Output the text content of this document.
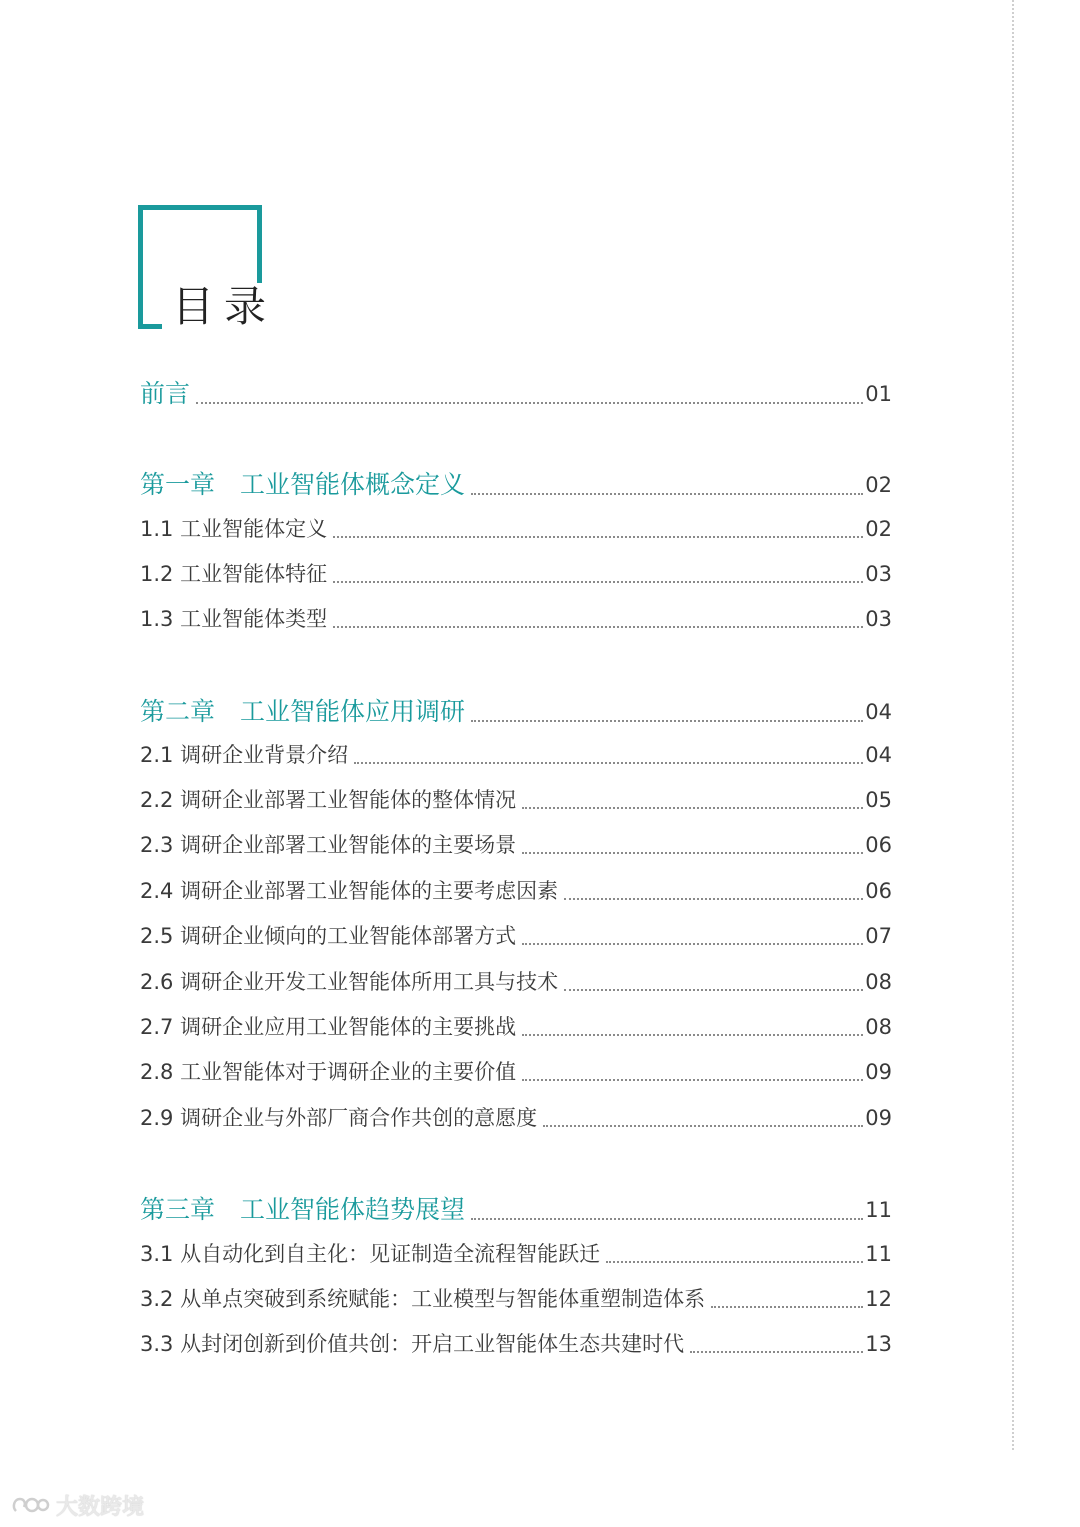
目录
前言	01
第一章　工业智能体概念定义	02
1.1 工业智能体定义	02
1.2 工业智能体特征	03
1.3 工业智能体类型	03
第二章　工业智能体应用调研	04
2.1 调研企业背景介绍	04
2.2 调研企业部署工业智能体的整体情况	05
2.3 调研企业部署工业智能体的主要场景	06
2.4 调研企业部署工业智能体的主要考虑因素	06
2.5 调研企业倾向的工业智能体部署方式	07
2.6 调研企业开发工业智能体所用工具与技术	08
2.7 调研企业应用工业智能体的主要挑战	08
2.8 工业智能体对于调研企业的主要价值	09
2.9 调研企业与外部厂商合作共创的意愿度	09
第三章　工业智能体趋势展望	11
3.1 从自动化到自主化：见证制造全流程智能跃迁	11
3.2 从单点突破到系统赋能：工业模型与智能体重塑制造体系	12
3.3 从封闭创新到价值共创：开启工业智能体生态共建时代	13
大数跨境
